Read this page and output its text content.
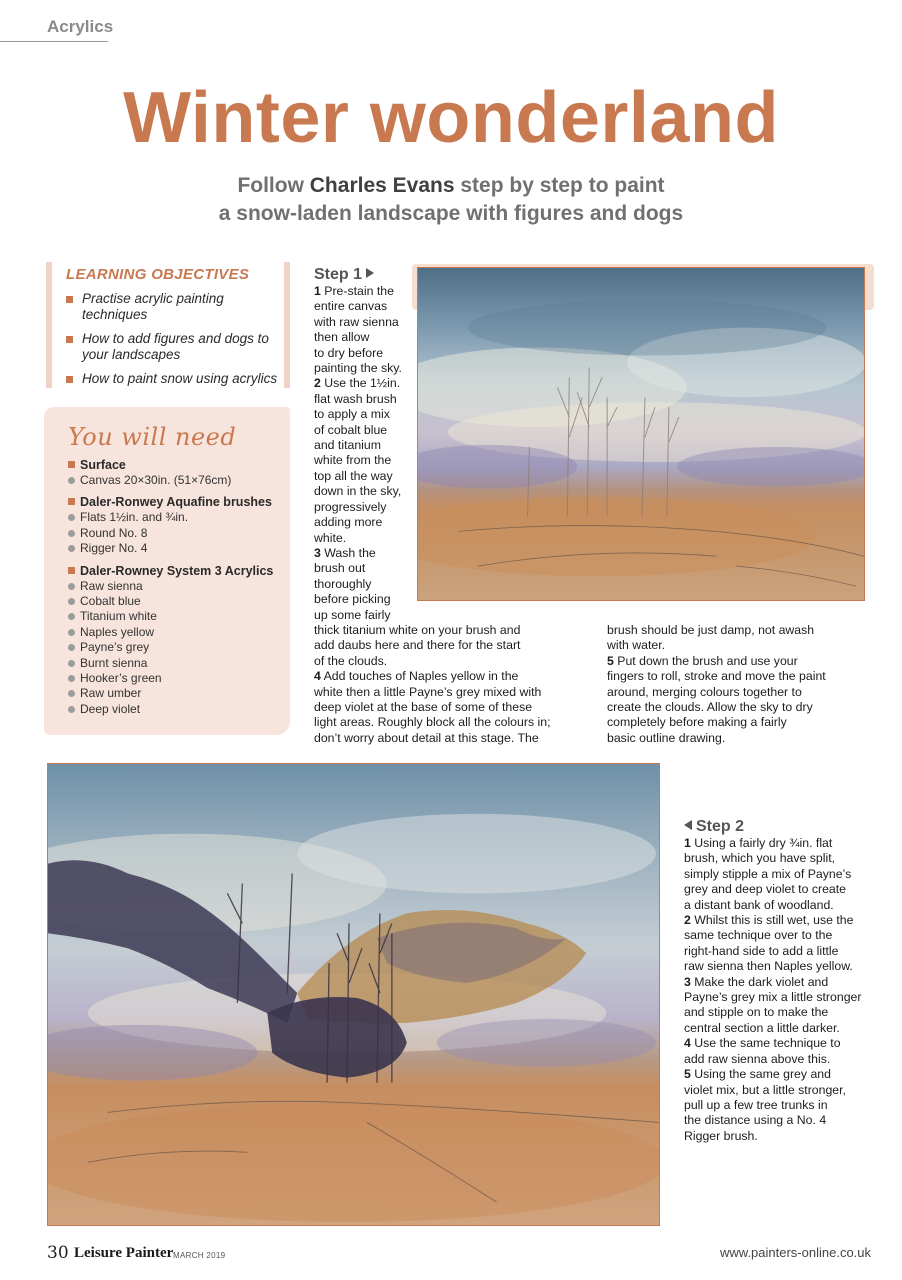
Acrylics
Winter wonderland
Follow Charles Evans step by step to paint
a snow-laden landscape with figures and dogs
LEARNING OBJECTIVES
Practise acrylic painting techniques
How to add figures and dogs to your landscapes
How to paint snow using acrylics
You will need
Surface
Canvas 20×30in. (51×76cm)
Daler-Ronwey Aquafine brushes
Flats 1½in. and ¾in.
Round No. 8
Rigger No. 4
Daler-Rowney System 3 Acrylics
Raw sienna
Cobalt blue
Titanium white
Naples yellow
Payne’s grey
Burnt sienna
Hooker’s green
Raw umber
Deep violet
Step 1
1 Pre-stain the
entire canvas
with raw sienna
then allow
to dry before
painting the sky.
2 Use the 1½in.
flat wash brush
to apply a mix
of cobalt blue
and titanium
white from the
top all the way
down in the sky,
progressively
adding more
white.
3 Wash the
brush out
thoroughly
before picking
up some fairly
thick titanium white on your brush and
add daubs here and there for the start
of the clouds.
4 Add touches of Naples yellow in the
white then a little Payne’s grey mixed with
deep violet at the base of some of these
light areas. Roughly block all the colours in;
don’t worry about detail at this stage. The
brush should be just damp, not awash
with water.
5 Put down the brush and use your
fingers to roll, stroke and move the paint
around, merging colours together to
create the clouds. Allow the sky to dry
completely before making a fairly
basic outline drawing.
Step 2
1 Using a fairly dry ¾in. flat
brush, which you have split,
simply stipple a mix of Payne’s
grey and deep violet to create
a distant bank of woodland.
2 Whilst this is still wet, use the
same technique over to the
right-hand side to add a little
raw sienna then Naples yellow.
3 Make the dark violet and
Payne’s grey mix a little stronger
and stipple on to make the
central section a little darker.
4 Use the same technique to
add raw sienna above this.
5 Using the same grey and
violet mix, but a little stronger,
pull up a few tree trunks in
the distance using a No. 4
Rigger brush.
30 Leisure Painter MARCH 2019	www.painters-online.co.uk
